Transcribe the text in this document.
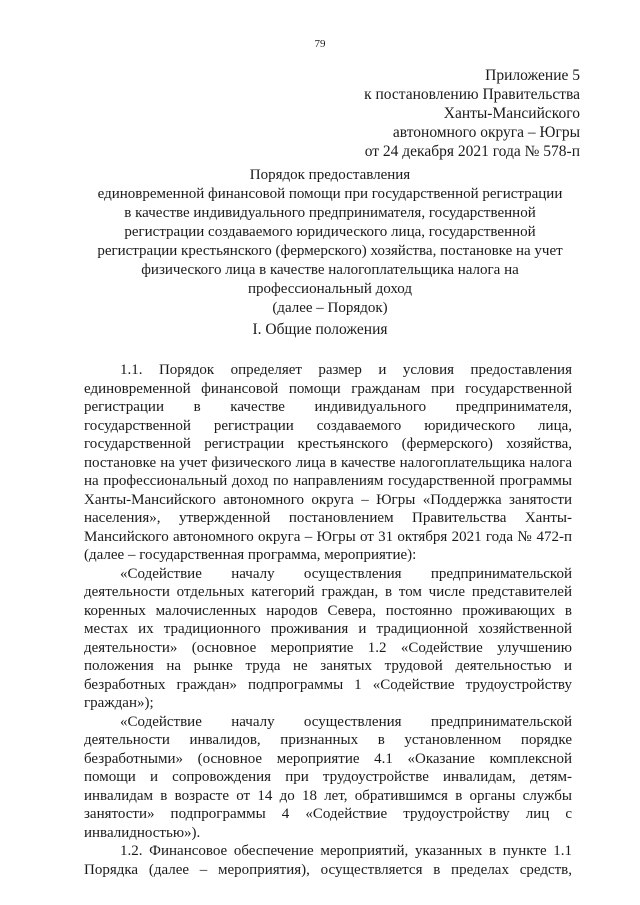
79
Приложение 5
к постановлению Правительства
Ханты-Мансийского
автономного округа – Югры
от 24 декабря 2021 года № 578-п
Порядок предоставления
единовременной финансовой помощи при государственной регистрации
в качестве индивидуального предпринимателя, государственной
регистрации создаваемого юридического лица, государственной
регистрации крестьянского (фермерского) хозяйства, постановке на учет
физического лица в качестве налогоплательщика налога на
профессиональный доход
(далее – Порядок)
I. Общие положения
1.1. Порядок определяет размер и условия предоставления
единовременной финансовой помощи гражданам при государственной
регистрации в качестве индивидуального предпринимателя,
государственной регистрации создаваемого юридического лица,
государственной регистрации крестьянского (фермерского) хозяйства,
постановке на учет физического лица в качестве налогоплательщика налога
на профессиональный доход по направлениям государственной программы
Ханты-Мансийского автономного округа – Югры «Поддержка занятости
населения», утвержденной постановлением Правительства Ханты-
Мансийского автономного округа – Югры от 31 октября 2021 года № 472-п
(далее – государственная программа, мероприятие):
«Содействие началу осуществления предпринимательской
деятельности отдельных категорий граждан, в том числе представителей
коренных малочисленных народов Севера, постоянно проживающих в
местах их традиционного проживания и традиционной хозяйственной
деятельности» (основное мероприятие 1.2 «Содействие улучшению
положения на рынке труда не занятых трудовой деятельностью и
безработных граждан» подпрограммы 1 «Содействие трудоустройству
граждан»);
«Содействие началу осуществления предпринимательской
деятельности инвалидов, признанных в установленном порядке
безработными» (основное мероприятие 4.1 «Оказание комплексной
помощи и сопровождения при трудоустройстве инвалидам, детям-
инвалидам в возрасте от 14 до 18 лет, обратившимся в органы службы
занятости» подпрограммы 4 «Содействие трудоустройству лиц с
инвалидностью»).
1.2. Финансовое обеспечение мероприятий, указанных в пункте 1.1
Порядка (далее – мероприятия), осуществляется в пределах средств,
